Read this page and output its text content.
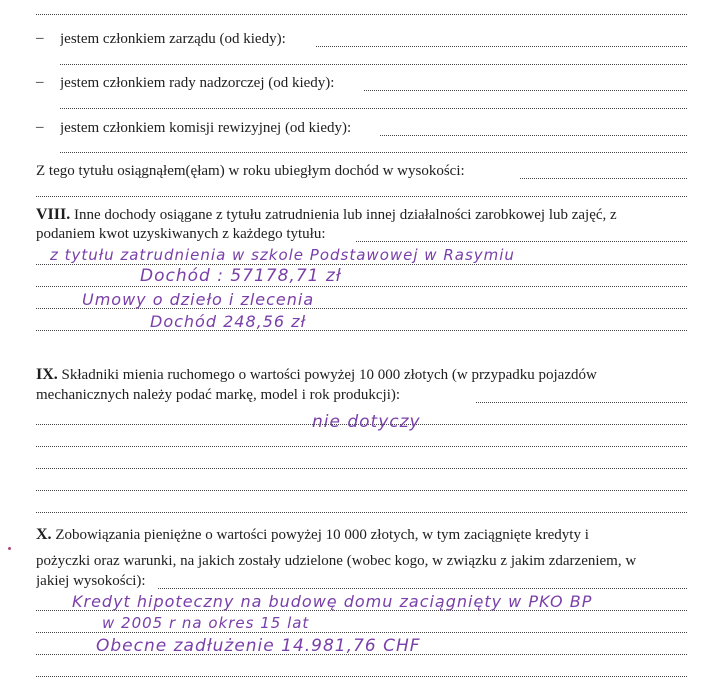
– jestem członkiem zarządu (od kiedy):
– jestem członkiem rady nadzorczej (od kiedy):
– jestem członkiem komisji rewizyjnej (od kiedy):
Z tego tytułu osiągnąłem(ęłam) w roku ubiegłym dochód w wysokości:
VIII. Inne dochody osiągane z tytułu zatrudnienia lub innej działalności zarobkowej lub zajęć, z
podaniem kwot uzyskiwanych z każdego tytułu:
z tytułu zatrudnienia w szkole Podstawowej w Rasymiu
Dochód : 57178,71 zł
Umowy o dzieło i zlecenia
Dochód 248,56 zł
IX. Składniki mienia ruchomego o wartości powyżej 10 000 złotych (w przypadku pojazdów
mechanicznych należy podać markę, model i rok produkcji):
nie dotyczy
X. Zobowiązania pieniężne o wartości powyżej 10 000 złotych, w tym zaciągnięte kredyty i
pożyczki oraz warunki, na jakich zostały udzielone (wobec kogo, w związku z jakim zdarzeniem, w
jakiej wysokości):
Kredyt hipoteczny na budowę domu zaciągnięty w PKO BP
w 2005 r na okres 15 lat
Obecne zadłużenie 14.981,76 CHF
